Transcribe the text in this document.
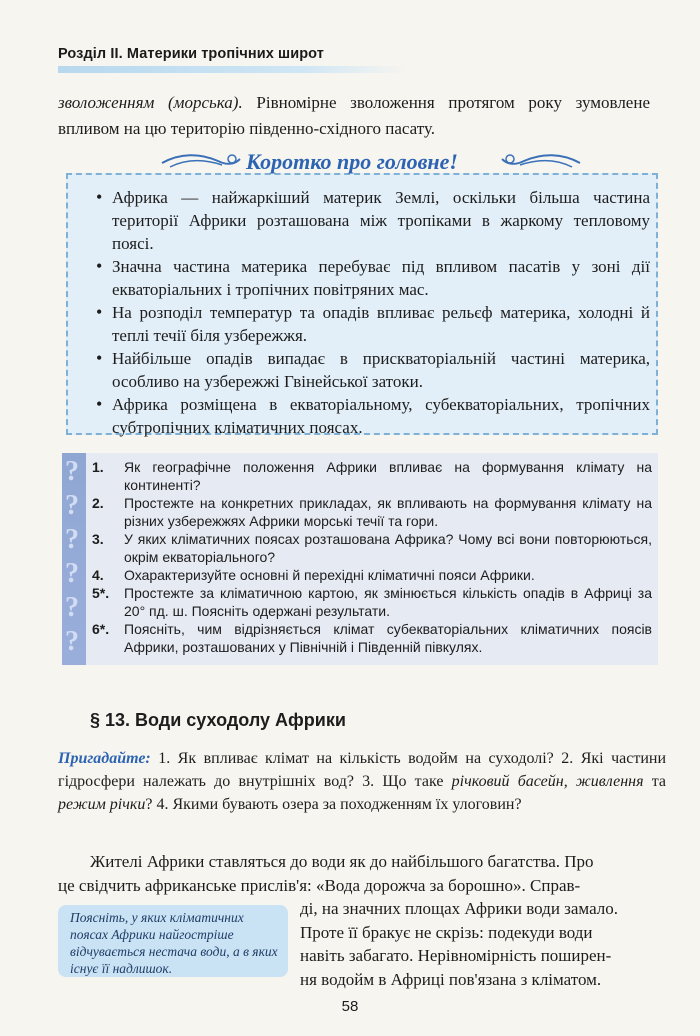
Розділ ІІ. Материки тропічних широт
зволоженням (морська). Рівномірне зволоження протягом року зумовлене впливом на цю територію південно-східного пасату.
Коротко про головне!
• Африка — найжаркіший материк Землі, оскільки більша частина території Африки розташована між тропіками в жаркому тепловому поясі.
• Значна частина материка перебуває під впливом пасатів у зоні дії екваторіальних і тропічних повітряних мас.
• На розподіл температур та опадів впливає рельєф материка, холодні й теплі течії біля узбережжя.
• Найбільше опадів випадає в прискваторіальній частині материка, особливо на узбережжі Гвінейської затоки.
• Африка розміщена в екваторіальному, субекваторіальних, тропічних субтропічних кліматичних поясах.
?
?
?
?
?
?
1. Як географічне положення Африки впливає на формування клімату на континенті?
2. Простежте на конкретних прикладах, як впливають на формування клімату на різних узбережжях Африки морські течії та гори.
3. У яких кліматичних поясах розташована Африка? Чому всі вони повторюються, окрім екваторіального?
4. Охарактеризуйте основні й перехідні кліматичні пояси Африки.
5*. Простежте за кліматичною картою, як змінюється кількість опадів в Африці за 20° пд. ш. Поясніть одержані результати.
6*. Поясніть, чим відрізняється клімат субекваторіальних кліматичних поясів Африки, розташованих у Північній і Південній півкулях.
§ 13. Води суходолу Африки
Пригадайте: 1. Як впливає клімат на кількість водойм на суходолі? 2. Які частини гідросфери належать до внутрішніх вод? 3. Що таке річковий басейн, живлення та режим річки? 4. Якими бувають озера за походженням їх улоговин?
Жителі Африки ставляться до води як до найбільшого багатства. Про
це свідчить африканське прислів'я: «Вода дорожча за борошно». Справ-
ді, на значних площах Африки води замало.
Проте її бракує не скрізь: подекуди води
навіть забагато. Нерівномірність поширен-
ня водойм в Африці пов'язана з кліматом.
Поясніть, у яких кліматичних поясах Африки найгостріше відчувається нестача води, а в яких існує її надлишок.
58
